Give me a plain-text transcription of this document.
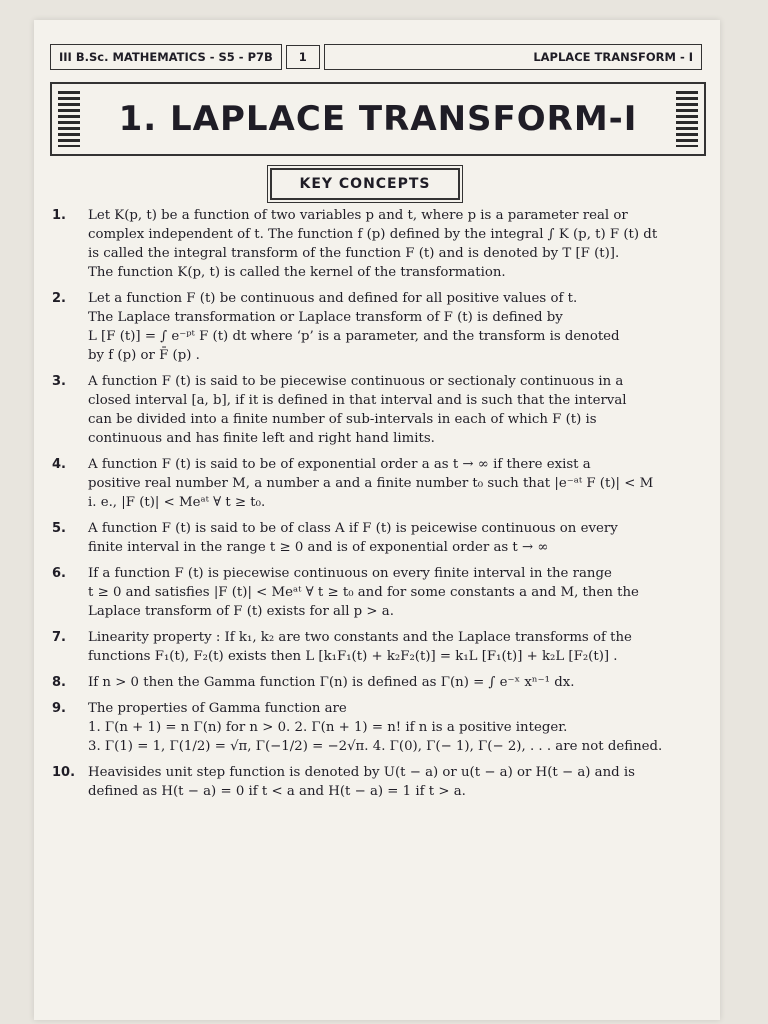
III B.Sc. MATHEMATICS - S5 - P7B	1	LAPLACE TRANSFORM - I
1. LAPLACE TRANSFORM-I
KEY CONCEPTS
1.	Let K(p, t) be a function of two variables p and t, where p is a parameter real or

complex independent of t. The function f (p) defined by the integral ∫ K (p, t) F (t) dt

is called the integral transform of the function F (t) and is denoted by T [F (t)].

The function K(p, t) is called the kernel of the transformation.

2.	Let a function F (t) be continuous and defined for all positive values of t.

The Laplace transformation or Laplace transform of F (t) is defined by

L [F (t)] = ∫ e⁻ᵖᵗ F (t) dt where ‘p’ is a parameter, and the transform is denoted

by f (p) or F̄ (p) .

3.	A function F (t) is said to be piecewise continuous or sectionaly continuous in a

closed interval [a, b], if it is defined in that interval and is such that the interval

can be divided into a finite number of sub-intervals in each of which F (t) is

continuous and has finite left and right hand limits.

4.	A function F (t) is said to be of exponential order a as t → ∞ if there exist a

positive real number M, a number a and a finite number t₀ such that |e⁻ᵃᵗ F (t)| < M

i. e., |F (t)| < Meᵃᵗ ∀ t ≥ t₀.

5.	A function F (t) is said to be of class A if F (t) is peicewise continuous on every

finite interval in the range t ≥ 0 and is of exponential order as t → ∞

6.	If a function F (t) is piecewise continuous on every finite interval in the range

t ≥ 0 and satisfies |F (t)| < Meᵃᵗ ∀ t ≥ t₀ and for some constants a and M, then the

Laplace transform of F (t) exists for all p > a.

7.	Linearity property : If k₁, k₂ are two constants and the Laplace transforms of the

functions F₁(t), F₂(t) exists then L [k₁F₁(t) + k₂F₂(t)] = k₁L [F₁(t)] + k₂L [F₂(t)] .

8.	If n > 0 then the Gamma function Γ(n) is defined as Γ(n) = ∫ e⁻ˣ xⁿ⁻¹ dx.

9.	The properties of Gamma function are

1. Γ(n + 1) = n Γ(n) for n > 0. 2. Γ(n + 1) = n! if n is a positive integer.

3. Γ(1) = 1, Γ(1/2) = √π, Γ(−1/2) = −2√π. 4. Γ(0), Γ(− 1), Γ(− 2), . . . are not defined.

10. Heavisides unit step function is denoted by U(t − a) or u(t − a) or H(t − a) and is

defined as H(t − a) = 0 if t < a and H(t − a) = 1 if t > a.
